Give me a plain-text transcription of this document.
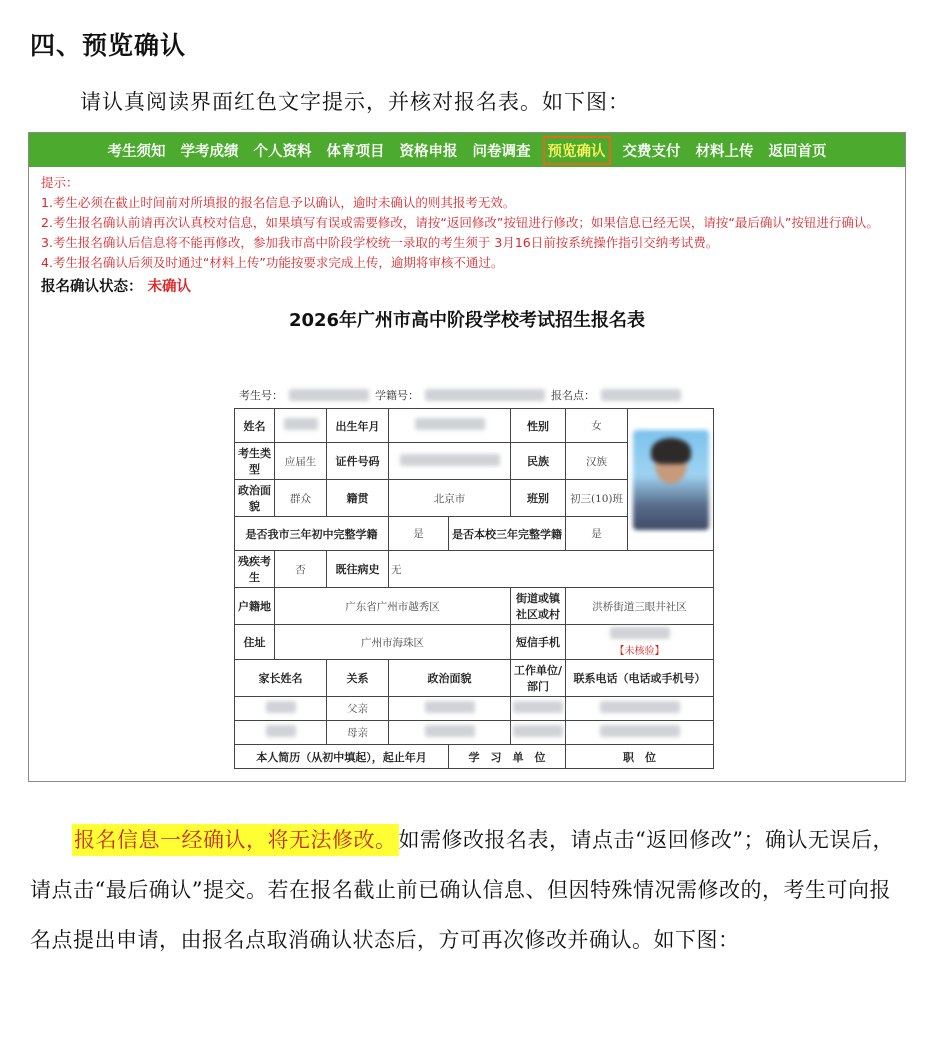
四、预览确认
请认真阅读界面红色文字提示，并核对报名表。如下图：
考生须知 学考成绩 个人资料 体育项目 资格申报 问卷调查	预览确认	交费支付 材料上传 返回首页
提示：
1.考生必须在截止时间前对所填报的报名信息予以确认，逾时未确认的则其报考无效。
2.考生报名确认前请再次认真校对信息，如果填写有误或需要修改，请按“返回修改”按钮进行修改；如果信息已经无误，请按“最后确认”按钮进行确认。
3.考生报名确认后信息将不能再修改，参加我市高中阶段学校统一录取的考生须于 3月16日前按系统操作指引交纳考试费。
4.考生报名确认后须及时通过“材料上传”功能按要求完成上传，逾期将审核不通过。
报名确认状态： 未确认
2026年广州市高中阶段学校考试招生报名表
考生号：	学籍号：	报名点：
姓名		出生年月			性别	女	

考生类型	应届生	证件号码			民族	汉族	
政治面貌	群众	籍贯	北京市		班别	初三(10)班	
是否我市三年初中完整学籍			是	是否本校三年完整学籍		是	
残疾考生	否	既往病史	无				
户籍地	广东省广州市越秀区				街道或镇社区或村	洪桥街道三眼井社区	
住址	广州市海珠区				短信手机	【未核验】	
家长姓名		关系	政治面貌		工作单位/部门	联系电话（电话或手机号）	
		父亲					
		母亲					
本人简历（从初中填起），起止年月				学　习　单　位		职　位	
报名信息一经确认，将无法修改。如需修改报名表，请点击“返回修改”；确认无误后，请点击“最后确认”提交。若在报名截止前已确认信息、但因特殊情况需修改的，考生可向报名点提出申请，由报名点取消确认状态后，方可再次修改并确认。如下图：
